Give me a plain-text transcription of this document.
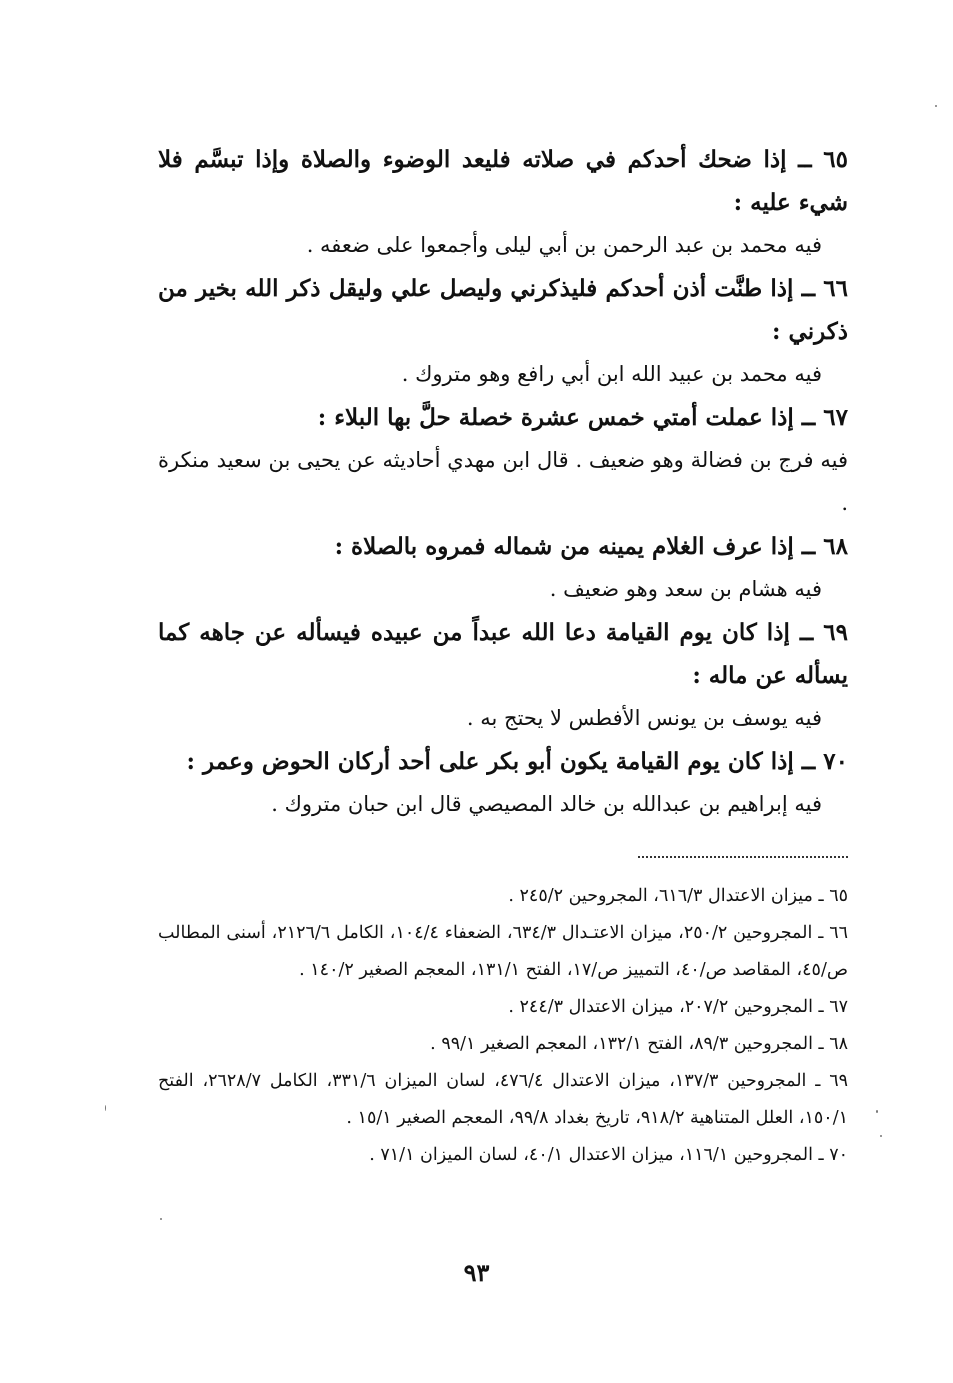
٦٥ ــ إذا ضحك أحدكم في صلاته فليعد الوضوء والصلاة وإذا تبسَّم فلا شيء عليه :
فيه محمد بن عبد الرحمن بن أبي ليلى وأجمعوا على ضعفه .
٦٦ ــ إذا طنَّت أذن أحدكم فليذكرني وليصل علي وليقل ذكر الله بخير من ذكرني :
فيه محمد بن عبيد الله ابن أبي رافع وهو متروك .
٦٧ ــ إذا عملت أمتي خمس عشرة خصلة حلَّ بها البلاء :
فيه فرج بن فضالة وهو ضعيف . قال ابن مهدي أحاديثه عن يحيى بن سعيد منكرة .
٦٨ ــ إذا عرف الغلام يمينه من شماله فمروه بالصلاة :
فيه هشام بن سعد وهو ضعيف .
٦٩ ــ إذا كان يوم القيامة دعا الله عبداً من عبيده فيسأله عن جاهه كما يسأله عن ماله :
فيه يوسف بن يونس الأفطس لا يحتج به .
٧٠ ــ إذا كان يوم القيامة يكون أبو بكر على أحد أركان الحوض وعمر :
فيه إبراهيم بن عبدالله بن خالد المصيصي قال ابن حبان متروك .
٦٥ ـ ميزان الاعتدال ٦١٦/٣، المجروحين ٢٤٥/٢ .
٦٦ ـ المجروحين ٢٥٠/٢، ميزان الاعتـدال ٦٣٤/٣، الضعفاء ١٠٤/٤، الكامل ٢١٢٦/٦، أسنى المطالب ص/٤٥، المقاصد ص/٤٠، التمييز ص/١٧، الفتح ١٣١/١، المعجم الصغير ١٤٠/٢ .
٦٧ ـ المجروحين ٢٠٧/٢، ميزان الاعتدال ٢٤٤/٣ .
٦٨ ـ المجروحين ٨٩/٣، الفتح ١٣٢/١، المعجم الصغير ٩٩/١ .
٦٩ ـ المجروحين ١٣٧/٣، ميزان الاعتدال ٤٧٦/٤، لسان الميزان ٣٣١/٦، الكامل ٢٦٢٨/٧، الفتح ١٥٠/١، العلل المتناهية ٩١٨/٢، تاريخ بغداد ٩٩/٨، المعجم الصغير ١٥/١ .
٧٠ ـ المجروحين ١١٦/١، ميزان الاعتدال ٤٠/١، لسان الميزان ٧١/١ .
٩٣
